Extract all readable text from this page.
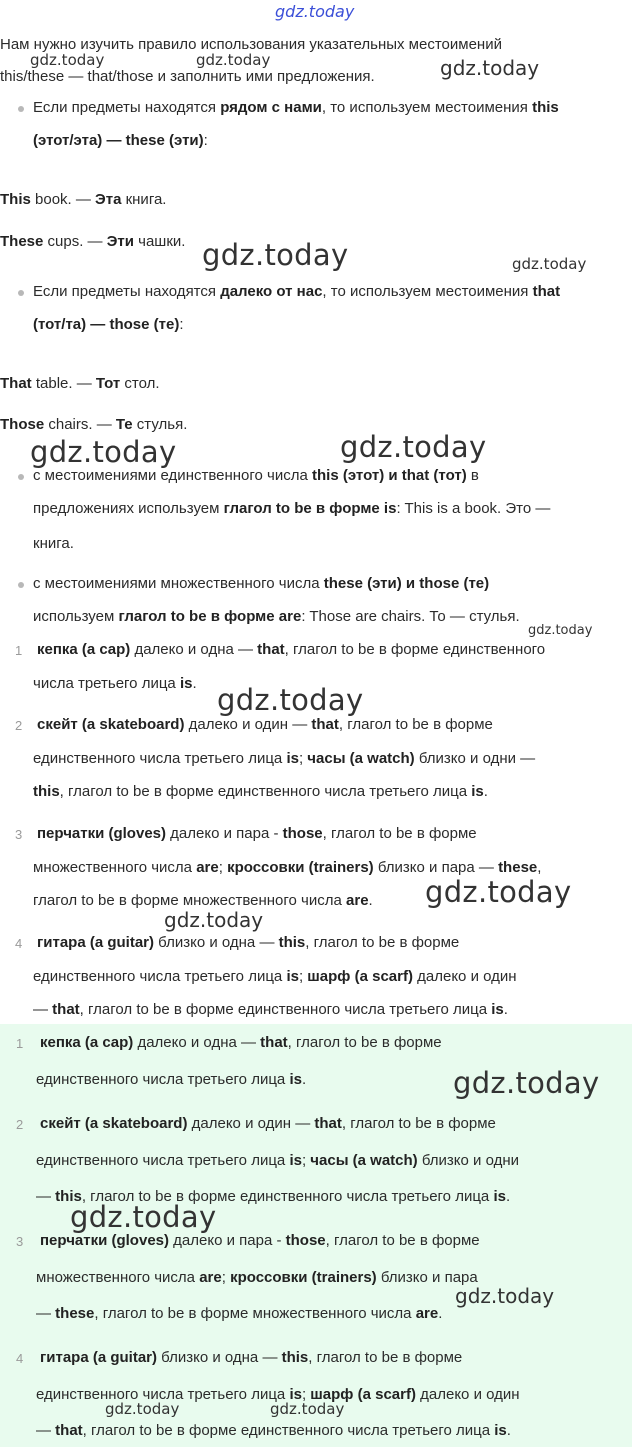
Нам нужно изучить правило использования указательных местоимений
this/these — that/those и заполнить ими предложения.
Если предметы находятся рядом с нами, то используем местоимения this
(этот/эта) — these (эти):
This book. — Эта книга.
These cups. — Эти чашки.
Если предметы находятся далеко от нас, то используем местоимения that
(тот/та) — those (те):
That table. — Тот стол.
Those chairs. — Те стулья.
с местоимениями единственного числа this (этот) и that (тот) в
предложениях используем глагол to be в форме is: This is a book. Это —
книга.
с местоимениями множественного числа these (эти) и those (те)
используем глагол to be в форме are: Those are chairs. То — стулья.
1 кепка (a cap) далеко и одна — that, глагол to be в форме единственного
числа третьего лица is.
2 скейт (a skateboard) далеко и один — that, глагол to be в форме
единственного числа третьего лица is; часы (a watch) близко и одни —
this, глагол to be в форме единственного числа третьего лица is.
3 перчатки (gloves) далеко и пара - those, глагол to be в форме
множественного числа are; кроссовки (trainers) близко и пара — these,
глагол to be в форме множественного числа are.
4 гитара (a guitar) близко и одна — this, глагол to be в форме
единственного числа третьего лица is; шарф (a scarf) далеко и один
— that, глагол to be в форме единственного числа третьего лица is.
1 кепка (a cap) далеко и одна — that, глагол to be в форме
единственного числа третьего лица is.
2 скейт (a skateboard) далеко и один — that, глагол to be в форме
единственного числа третьего лица is; часы (a watch) близко и одни
— this, глагол to be в форме единственного числа третьего лица is.
3 перчатки (gloves) далеко и пара - those, глагол to be в форме
множественного числа are; кроссовки (trainers) близко и пара
— these, глагол to be в форме множественного числа are.
4 гитара (a guitar) близко и одна — this, глагол to be в форме
единственного числа третьего лица is; шарф (a scarf) далеко и один
— that, глагол to be в форме единственного числа третьего лица is.
gdz.today
gdz.today	gdz.today	gdz.today
gdz.today	gdz.today
gdz.today	gdz.today
gdz.today
gdz.today
gdz.today
gdz.today
gdz.today
gdz.today
gdz.today
gdz.today	gdz.today
